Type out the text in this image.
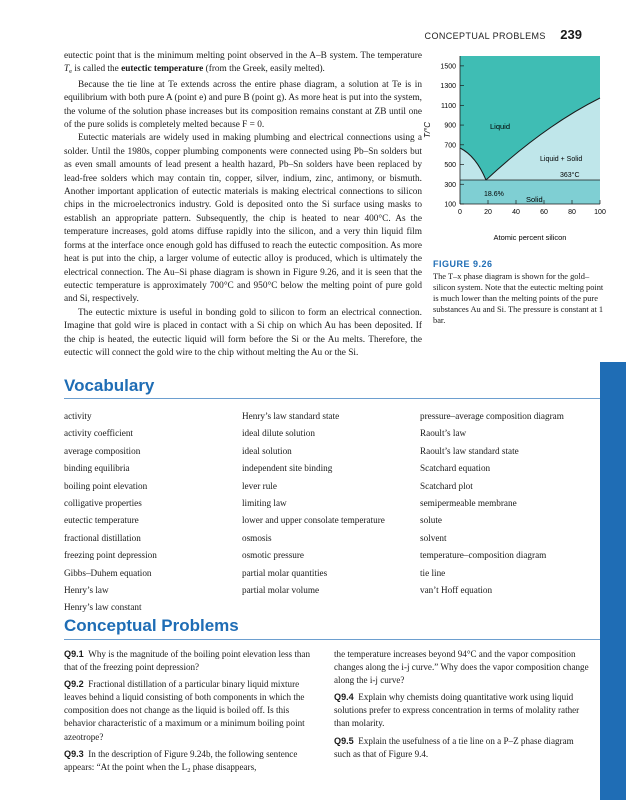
CONCEPTUAL PROBLEMS 239

eutectic point that is the minimum melting point observed in the A–B system. The temperature $T_e$ is called the eutectic temperature (from the Greek, easily melted).

Because the tie line at Te extends across the entire phase diagram, a solution at Te is in equilibrium with both pure A (point e) and pure B (point g). As more heat is put into the system, the volume of the solution phase increases but its composition remains constant at ZB until one of the pure solids is completely melted because F = 0.

Eutectic materials are widely used in making plumbing and electrical connections using a solder. Until the 1980s, copper plumbing components were connected using Pb–Sn solders but as even small amounts of lead present a health hazard, Pb–Sn solders have been replaced by lead-free solders which may contain tin, copper, silver, indium, zinc, antimony, or bismuth. Another important application of eutectic materials is making electrical connections to silicon chips in the microelectronics industry. Gold is deposited onto the Si surface using masks to establish an appropriate pattern. Subsequently, the chip is heated to near 400°C. As the temperature increases, gold atoms diffuse rapidly into the silicon, and a very thin liquid film forms at the interface once enough gold has diffused to reach the eutectic composition. As more heat is put into the chip, a larger volume of eutectic alloy is produced, which is ultimately the electrical connection. The Au–Si phase diagram is shown in Figure 9.26, and it is seen that the eutectic temperature is approximately 700°C and 950°C below the melting point of pure gold and Si, respectively.

The eutectic mixture is useful in bonding gold to silicon to form an electrical connection. Imagine that gold wire is placed in contact with a Si chip on which Au has been deposited. If the chip is heated, the eutectic liquid will form before the Si or the Au melts. Therefore, the eutectic will connect the gold wire to the chip without melting the Au or the Si.

1500
1300
1100
900
700
500
300
100
0	20	40	60	80	100
T/°C
Atomic percent silicon
Liquid
Liquid + Solid
363°C
18.6%
Solid
FIGURE 9.26
The T–x phase diagram is shown for the gold–silicon system. Note that the eutectic melting point is much lower than the melting points of the pure substances Au and Si. The pressure is constant at 1 bar.
Vocabulary
activity
activity coefficient
average composition
binding equilibria
boiling point elevation
colligative properties
eutectic temperature
fractional distillation
freezing point depression
Gibbs–Duhem equation
Henry’s law
Henry’s law constant
Henry’s law standard state
ideal dilute solution
ideal solution
independent site binding
lever rule
limiting law
lower and upper consolate temperature
osmosis
osmotic pressure
partial molar quantities
partial molar volume
pressure–average composition diagram
Raoult’s law
Raoult’s law standard state
Scatchard equation
Scatchard plot
semipermeable membrane
solute
solvent
temperature–composition diagram
tie line
van’t Hoff equation
Conceptual Problems

Q9.1 Why is the magnitude of the boiling point elevation less than that of the freezing point depression?

Q9.2 Fractional distillation of a particular binary liquid mixture leaves behind a liquid consisting of both components in which the composition does not change as the liquid is boiled off. Is this behavior characteristic of a maximum or a minimum boiling point azeotrope?

Q9.3 In the description of Figure 9.24b, the following sentence appears: “At the point when the $L_2$ phase disappears,

the temperature increases beyond 94°C and the vapor composition changes along the i-j curve.” Why does the vapor composition change along the i-j curve?

Q9.4 Explain why chemists doing quantitative work using liquid solutions prefer to express concentration in terms of molality rather than molarity.

Q9.5 Explain the usefulness of a tie line on a P–Z phase diagram such as that of Figure 9.4.
